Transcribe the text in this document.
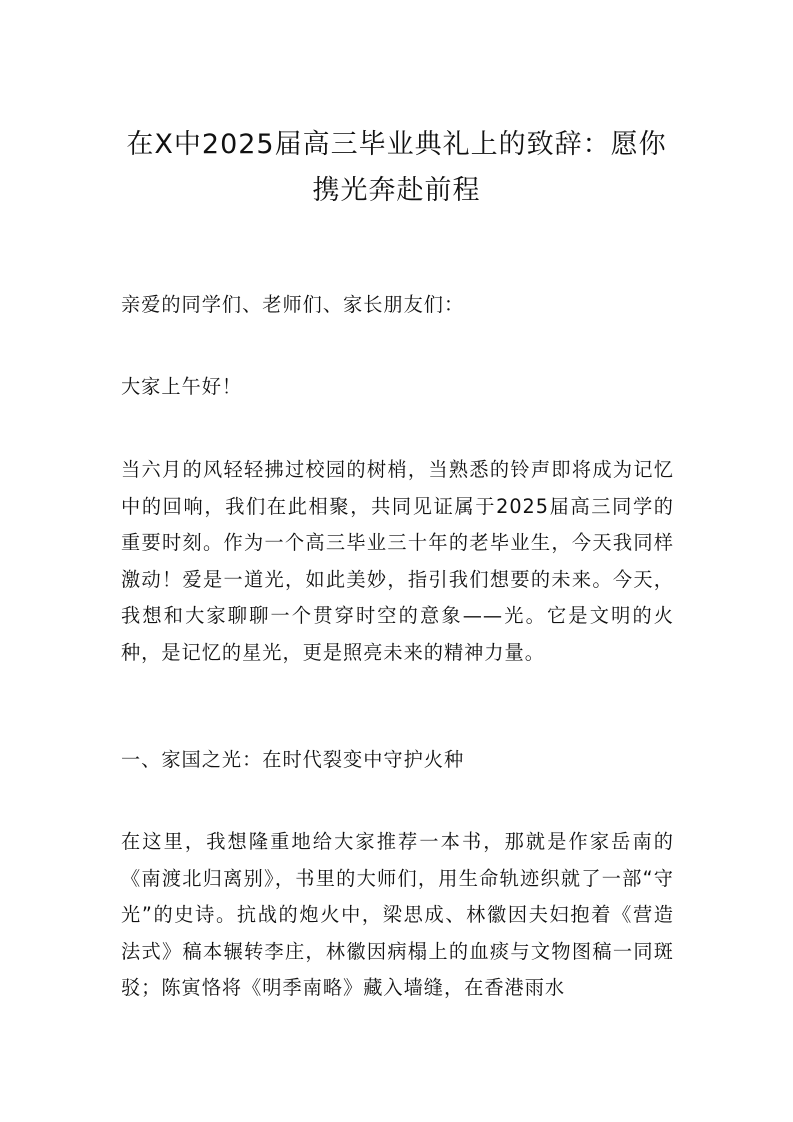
在X中2025届高三毕业典礼上的致辞：愿你携光奔赴前程

亲爱的同学们、老师们、家长朋友们：

大家上午好！

当六月的风轻轻拂过校园的树梢，当熟悉的铃声即将成为记忆中的回响，我们在此相聚，共同见证属于2025届高三同学的重要时刻。作为一个高三毕业三十年的老毕业生，今天我同样激动！爱是一道光，如此美妙，指引我们想要的未来。今天，我想和大家聊聊一个贯穿时空的意象——光。它是文明的火种，是记忆的星光，更是照亮未来的精神力量。

一、家国之光：在时代裂变中守护火种

在这里，我想隆重地给大家推荐一本书，那就是作家岳南的《南渡北归离别》，书里的大师们，用生命轨迹织就了一部“守光”的史诗。抗战的炮火中，梁思成、林徽因夫妇抱着《营造法式》稿本辗转李庄，林徽因病榻上的血痰与文物图稿一同斑驳；陈寅恪将《明季南略》藏入墙缝，在香港雨水
